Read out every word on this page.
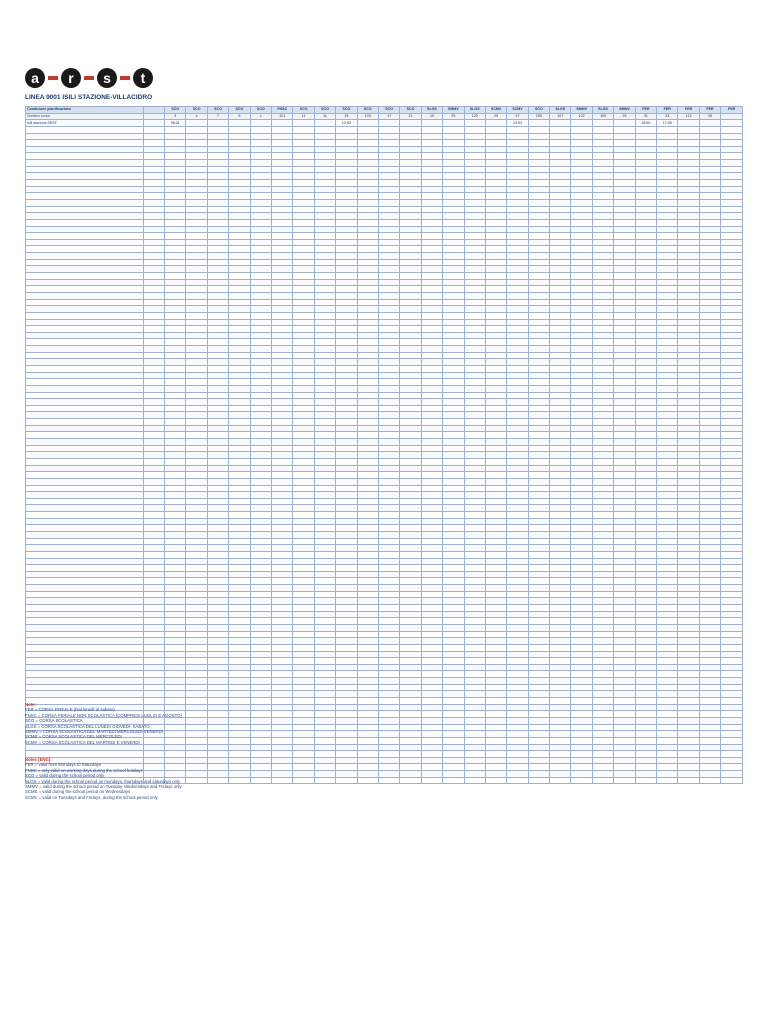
a	r	s	t
LINEA 9001 ISILI STAZIONE-VILLACIDRO
Condizione pianificazione		SCO	SCO	SCO	SCO	SCO	FNSC	SCO	SCO	SCO	SCO	SCO	SCO	SLGS	SMMV	SLGS	SCMV	SCMV	SCO	SLGS	SMMV	SLGS	SMMV	FER	FER	FER	FER	FER
Numero corsa		3	4	7	9	1	101	11	11	15	103	17	21	19	25	123	25	27	105	107	102	109	29	31	33	113	35	
Isili stazione ARST		06:21								12:53								13:53						16:50	17:05			

Note:
FER = CORSA FERIALE (Dal lunedì al sabato)
FNSC = CORSA FERIALE NON SCOLASTICA (COMPRESI LUGLIO E AGOSTO)
SCO = CORSA SCOLASTICA
SLGS = CORSA SCOLASTICA DEL LUNEDI GIOVEDI- SABATO
SMMV = CORSA SCOLASTICA DEL MARTEDI MERCOLEDI VENERDI
SCMS = CORSA SCOLASTICA DEL MERCOLEDI
SCMV = CORSA SCOLASTICA DEL MARTEDI E VENERDI
Notes (ENG):
FER = valid from Mondays to Saturdays
FNSC = only valid on working days during the school holidays
SCO = valid during the school period only
SLGS = valid during the school period on mondays, thursdays and saturdays only
SMMV = valid during the school period on Tuesday, Wednesdays and Fridays only
SCMS = valid during the school period on Wednesdays
SCMV = valid on Tuesdays and Fridays, during the school period only
